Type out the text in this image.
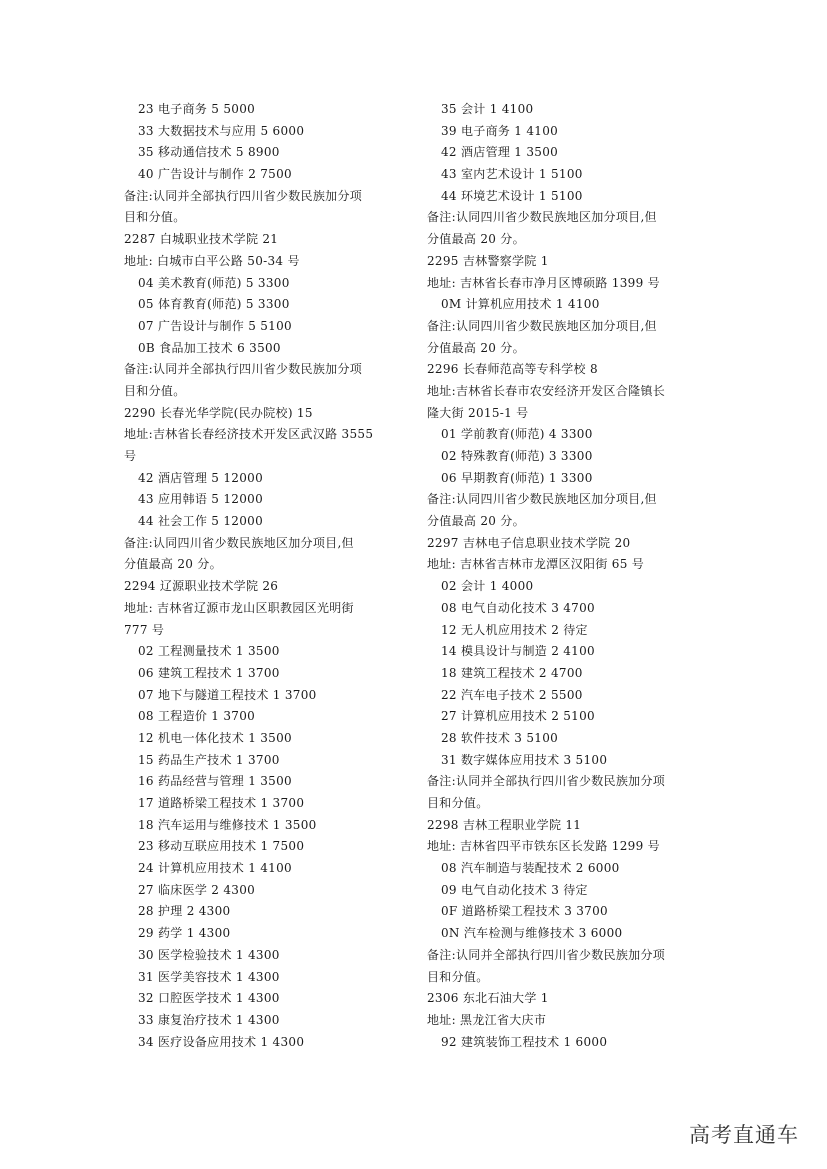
23 电子商务 5 5000
33 大数据技术与应用 5 6000
35 移动通信技术 5 8900
40 广告设计与制作 2 7500
备注:认同并全部执行四川省少数民族加分项
目和分值。
2287 白城职业技术学院 21
地址: 白城市白平公路 50-34 号
04 美术教育(师范) 5 3300
05 体育教育(师范) 5 3300
07 广告设计与制作 5 5100
0B 食品加工技术 6 3500
备注:认同并全部执行四川省少数民族加分项
目和分值。
2290 长春光华学院(民办院校) 15
地址:吉林省长春经济技术开发区武汉路 3555
号
42 酒店管理 5 12000
43 应用韩语 5 12000
44 社会工作 5 12000
备注:认同四川省少数民族地区加分项目,但
分值最高 20 分。
2294 辽源职业技术学院 26
地址: 吉林省辽源市龙山区职教园区光明街
777 号
02 工程测量技术 1 3500
06 建筑工程技术 1 3700
07 地下与隧道工程技术 1 3700
08 工程造价 1 3700
12 机电一体化技术 1 3500
15 药品生产技术 1 3700
16 药品经营与管理 1 3500
17 道路桥梁工程技术 1 3700
18 汽车运用与维修技术 1 3500
23 移动互联应用技术 1 7500
24 计算机应用技术 1 4100
27 临床医学 2 4300
28 护理 2 4300
29 药学 1 4300
30 医学检验技术 1 4300
31 医学美容技术 1 4300
32 口腔医学技术 1 4300
33 康复治疗技术 1 4300
34 医疗设备应用技术 1 4300
35 会计 1 4100
39 电子商务 1 4100
42 酒店管理 1 3500
43 室内艺术设计 1 5100
44 环境艺术设计 1 5100
备注:认同四川省少数民族地区加分项目,但
分值最高 20 分。
2295 吉林警察学院 1
地址: 吉林省长春市净月区博硕路 1399 号
0M 计算机应用技术 1 4100
备注:认同四川省少数民族地区加分项目,但
分值最高 20 分。
2296 长春师范高等专科学校 8
地址:吉林省长春市农安经济开发区合隆镇长
隆大街 2015-1 号
01 学前教育(师范) 4 3300
02 特殊教育(师范) 3 3300
06 早期教育(师范) 1 3300
备注:认同四川省少数民族地区加分项目,但
分值最高 20 分。
2297 吉林电子信息职业技术学院 20
地址: 吉林省吉林市龙潭区汉阳街 65 号
02 会计 1 4000
08 电气自动化技术 3 4700
12 无人机应用技术 2 待定
14 模具设计与制造 2 4100
18 建筑工程技术 2 4700
22 汽车电子技术 2 5500
27 计算机应用技术 2 5100
28 软件技术 3 5100
31 数字媒体应用技术 3 5100
备注:认同并全部执行四川省少数民族加分项
目和分值。
2298 吉林工程职业学院 11
地址: 吉林省四平市铁东区长发路 1299 号
08 汽车制造与装配技术 2 6000
09 电气自动化技术 3 待定
0F 道路桥梁工程技术 3 3700
0N 汽车检测与维修技术 3 6000
备注:认同并全部执行四川省少数民族加分项
目和分值。
2306 东北石油大学 1
地址: 黑龙江省大庆市
92 建筑装饰工程技术 1 6000
高考直通车
